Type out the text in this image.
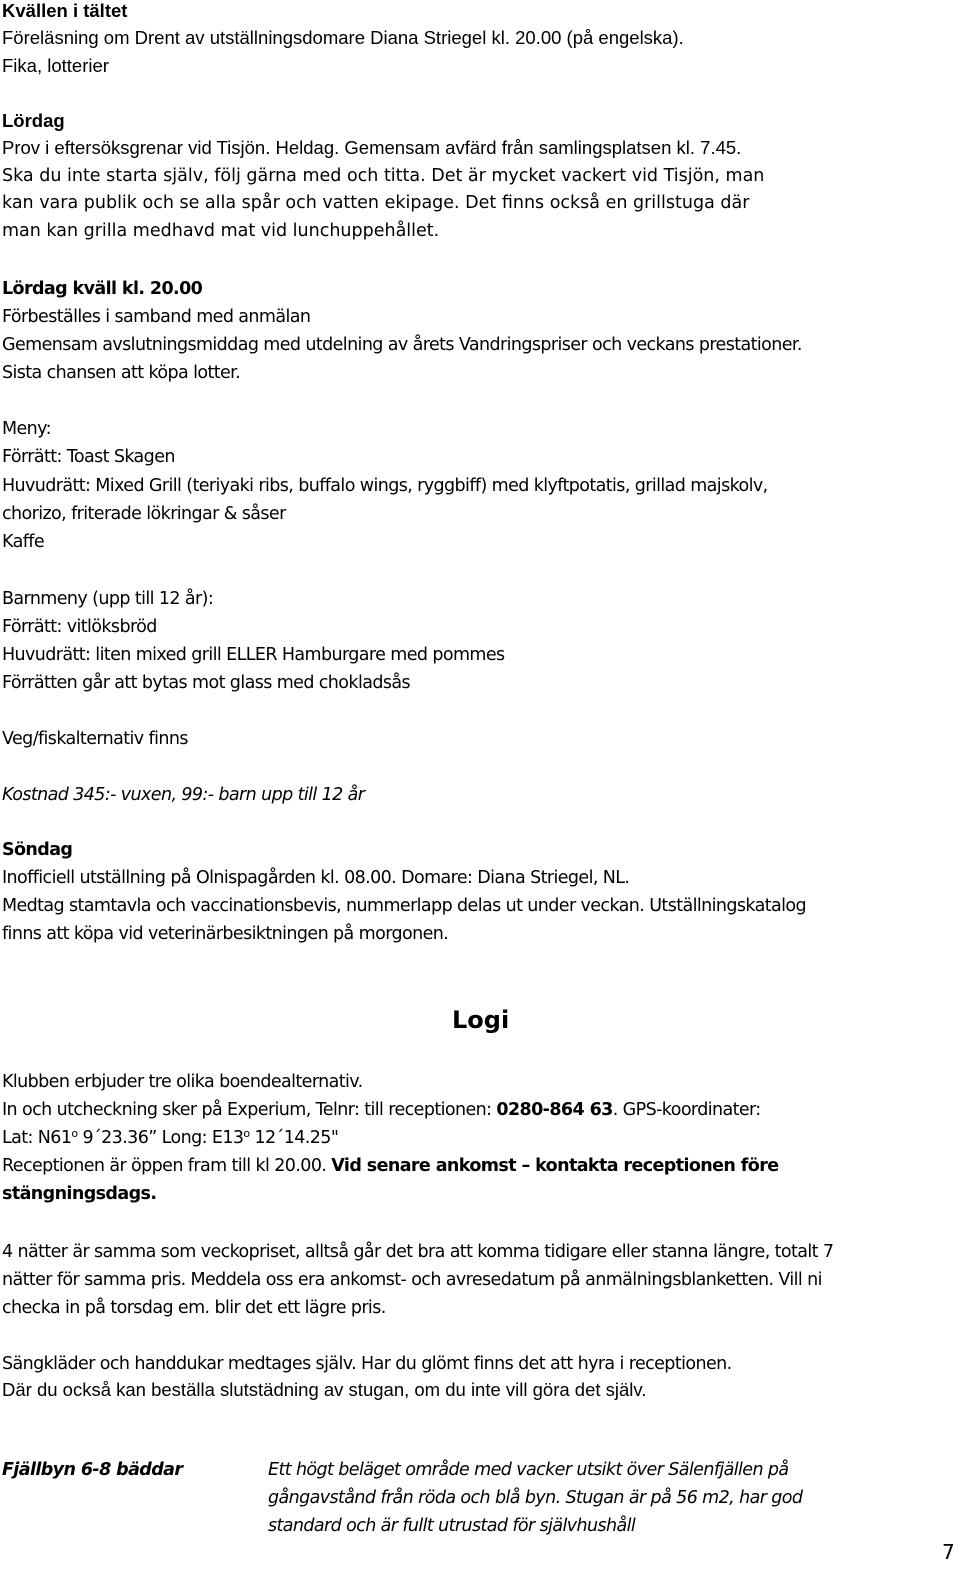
Kvällen i tältet

Föreläsning om Drent av utställningsdomare Diana Striegel kl. 20.00 (på engelska).

Fika, lotterier

Lördag

Prov i eftersöksgrenar vid Tisjön. Heldag. Gemensam avfärd från samlingsplatsen kl. 7.45.

Ska du inte starta själv, följ gärna med och titta. Det är mycket vackert vid Tisjön, man

kan vara publik och se alla spår och vatten ekipage. Det finns också en grillstuga där

man kan grilla medhavd mat vid lunchuppehållet.

Lördag kväll kl. 20.00

Förbeställes i samband med anmälan

Gemensam avslutningsmiddag med utdelning av årets Vandringspriser och veckans prestationer.

Sista chansen att köpa lotter.

Meny:

Förrätt: Toast Skagen

Huvudrätt: Mixed Grill (teriyaki ribs, buffalo wings, ryggbiff) med klyftpotatis, grillad majskolv,

chorizo, friterade lökringar & såser

Kaffe

Barnmeny (upp till 12 år):

Förrätt: vitlöksbröd

Huvudrätt: liten mixed grill ELLER Hamburgare med pommes

Förrätten går att bytas mot glass med chokladsås

Veg/fiskalternativ finns

Kostnad 345:- vuxen, 99:- barn upp till 12 år

Söndag

Inofficiell utställning på Olnispagården kl. 08.00. Domare: Diana Striegel, NL.

Medtag stamtavla och vaccinationsbevis, nummerlapp delas ut under veckan. Utställningskatalog

finns att köpa vid veterinärbesiktningen på morgonen.

Logi

Klubben erbjuder tre olika boendealternativ.

In och utcheckning sker på Experium, Telnr: till receptionen: 0280-864 63. GPS-koordinater:

Lat: N61$^o$ 9´23.36” Long: E13$^o$ 12´14.25"

Receptionen är öppen fram till kl 20.00. Vid senare ankomst – kontakta receptionen före

stängningsdags.

4 nätter är samma som veckopriset, alltså går det bra att komma tidigare eller stanna längre, totalt 7

nätter för samma pris. Meddela oss era ankomst- och avresedatum på anmälningsblanketten. Vill ni

checka in på torsdag em. blir det ett lägre pris.

Sängkläder och handdukar medtages själv. Har du glömt finns det att hyra i receptionen.

Där du också kan beställa slutstädning av stugan, om du inte vill göra det själv.

Fjällbyn 6-8 bäddar	Ett högt beläget område med vacker utsikt över Sälenfjällen på

gångavstånd från röda och blå byn. Stugan är på 56 m2, har god

standard och är fullt utrustad för självhushåll

7
